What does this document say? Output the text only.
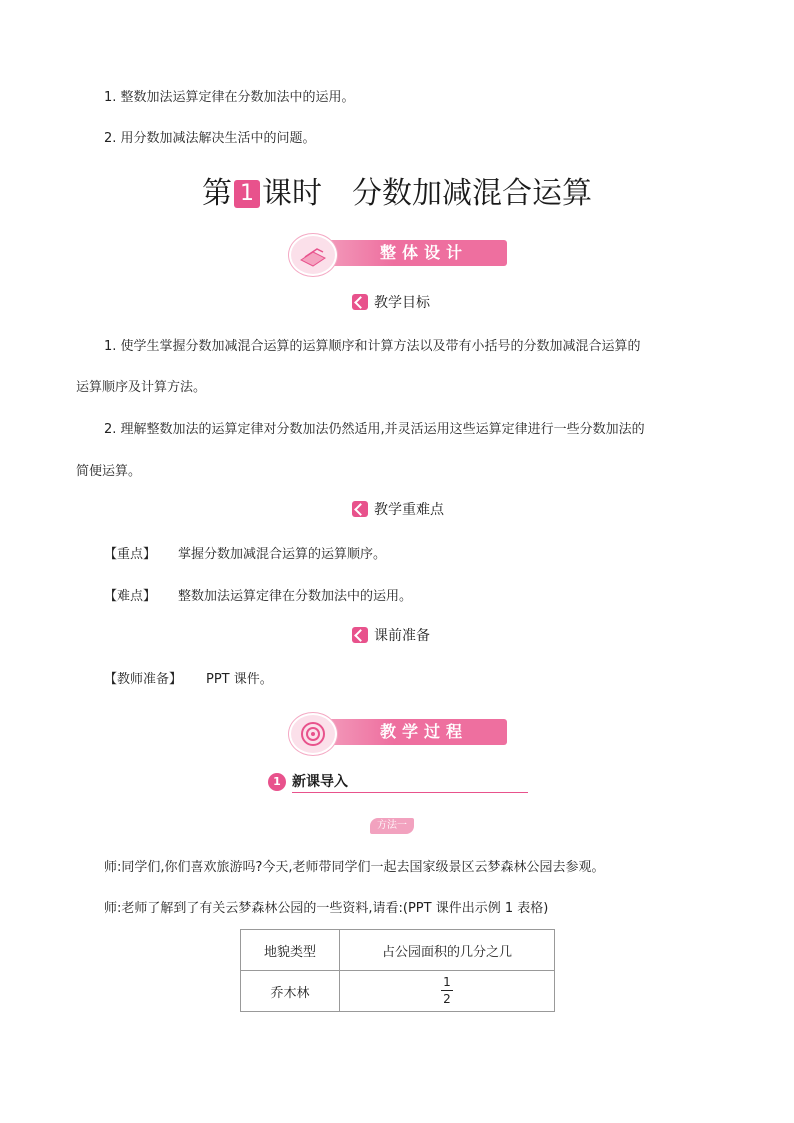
1. 整数加法运算定律在分数加法中的运用。
2. 用分数加减法解决生活中的问题。
第 1 课时 分数加减混合运算
整体设计
教学目标
1. 使学生掌握分数加减混合运算的运算顺序和计算方法以及带有小括号的分数加减混合运算的
运算顺序及计算方法。
2. 理解整数加法的运算定律对分数加法仍然适用,并灵活运用这些运算定律进行一些分数加法的
简便运算。
教学重难点
【重点】 掌握分数加减混合运算的运算顺序。
【难点】 整数加法运算定律在分数加法中的运用。
课前准备
【教师准备】 PPT 课件。
教学过程
1 新课导入
方法一
师:同学们,你们喜欢旅游吗?今天,老师带同学们一起去国家级景区云梦森林公园去参观。
师:老师了解到了有关云梦森林公园的一些资料,请看:(PPT 课件出示例 1 表格)
地貌类型	占公园面积的几分之几
乔木林	$\frac{1}{2}$
